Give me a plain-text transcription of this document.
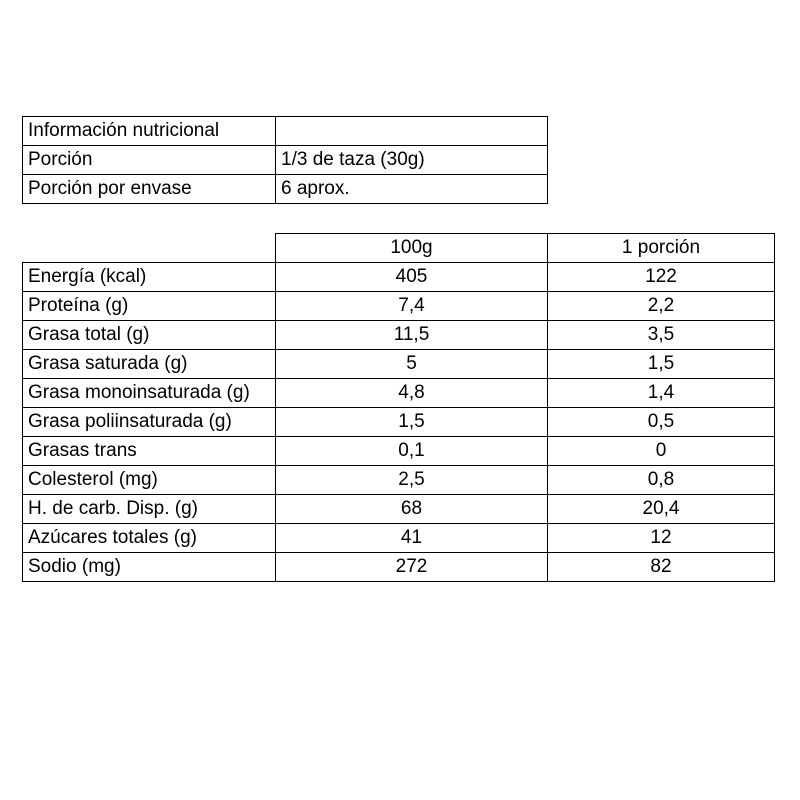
Información nutricional	
Porción	1/3 de taza (30g)
Porción por envase	6 aprox.
	100g	1 porción
Energía (kcal)	405	122
Proteína (g)	7,4	2,2
Grasa total (g)	11,5	3,5
Grasa saturada (g)	5	1,5
Grasa monoinsaturada (g)	4,8	1,4
Grasa poliinsaturada (g)	1,5	0,5
Grasas trans	0,1	0
Colesterol (mg)	2,5	0,8
H. de carb. Disp. (g)	68	20,4
Azúcares totales (g)	41	12
Sodio (mg)	272	82
